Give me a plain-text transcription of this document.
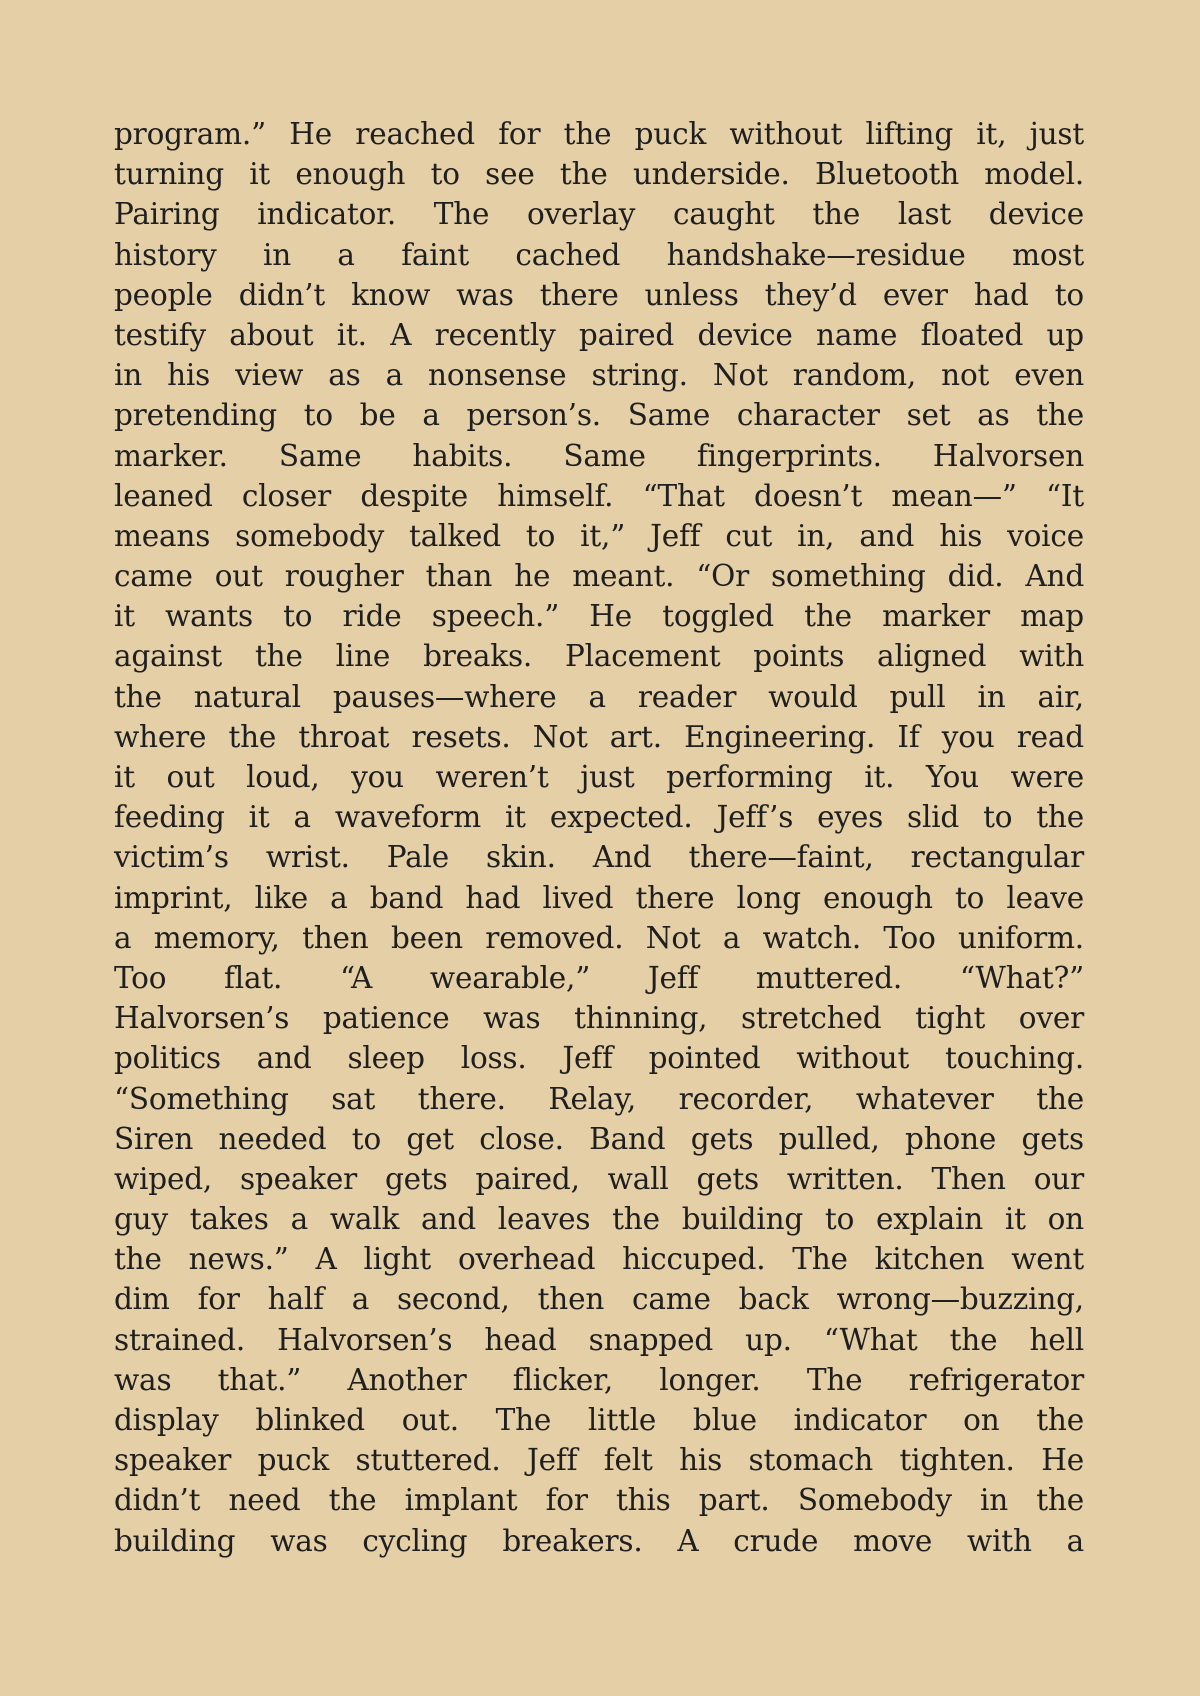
program.” He reached for the puck without lifting it, just
turning it enough to see the underside. Bluetooth model.
Pairing indicator. The overlay caught the last device
history in a faint cached handshake—residue most
people didn’t know was there unless they’d ever had to
testify about it. A recently paired device name floated up
in his view as a nonsense string. Not random, not even
pretending to be a person’s. Same character set as the
marker. Same habits. Same fingerprints. Halvorsen
leaned closer despite himself. “That doesn’t mean—” “It
means somebody talked to it,” Jeff cut in, and his voice
came out rougher than he meant. “Or something did. And
it wants to ride speech.” He toggled the marker map
against the line breaks. Placement points aligned with
the natural pauses—where a reader would pull in air,
where the throat resets. Not art. Engineering. If you read
it out loud, you weren’t just performing it. You were
feeding it a waveform it expected. Jeff’s eyes slid to the
victim’s wrist. Pale skin. And there—faint, rectangular
imprint, like a band had lived there long enough to leave
a memory, then been removed. Not a watch. Too uniform.
Too flat. “A wearable,” Jeff muttered. “What?”
Halvorsen’s patience was thinning, stretched tight over
politics and sleep loss. Jeff pointed without touching.
“Something sat there. Relay, recorder, whatever the
Siren needed to get close. Band gets pulled, phone gets
wiped, speaker gets paired, wall gets written. Then our
guy takes a walk and leaves the building to explain it on
the news.” A light overhead hiccuped. The kitchen went
dim for half a second, then came back wrong—buzzing,
strained. Halvorsen’s head snapped up. “What the hell
was that.” Another flicker, longer. The refrigerator
display blinked out. The little blue indicator on the
speaker puck stuttered. Jeff felt his stomach tighten. He
didn’t need the implant for this part. Somebody in the
building was cycling breakers. A crude move with a
